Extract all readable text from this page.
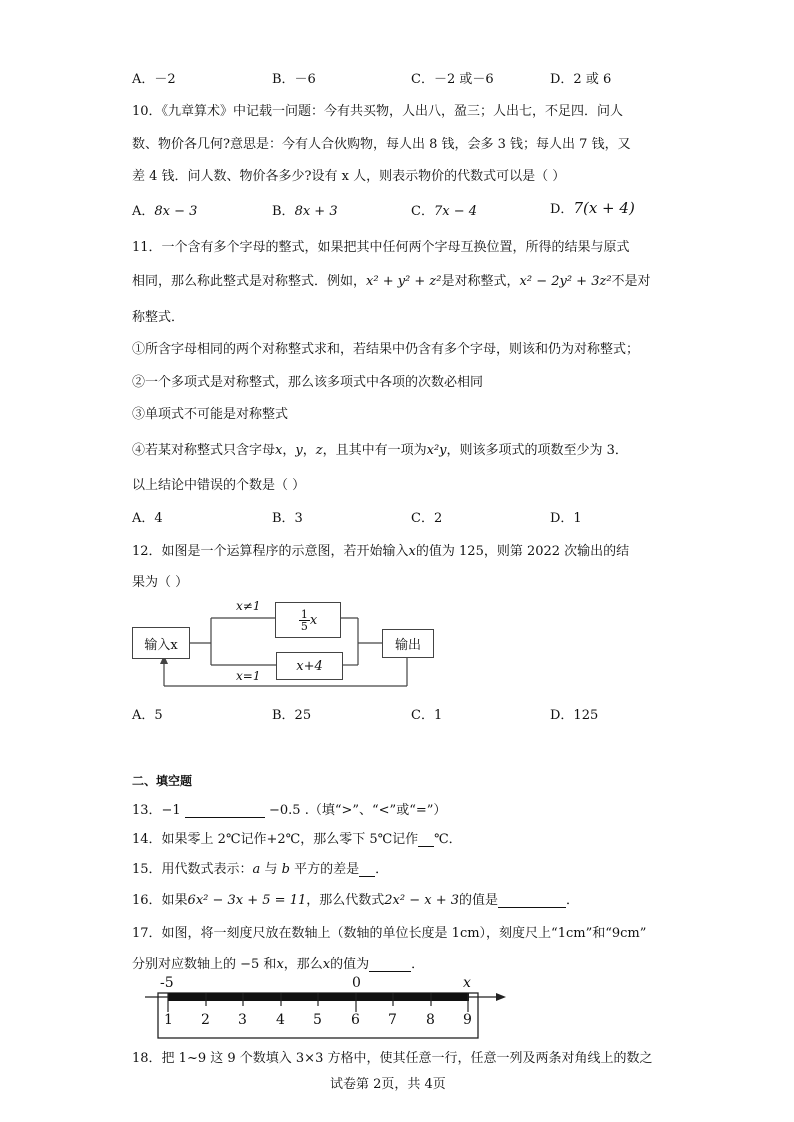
A．－2	B．－6	C．－2 或－6	D．2 或 6
10．《九章算术》中记载一问题：今有共买物，人出八，盈三；人出七，不足四．问人
数、物价各几何?意思是：今有人合伙购物，每人出 8 钱，会多 3 钱；每人出 7 钱，又
差 4 钱．问人数、物价各多少?设有 x 人，则表示物价的代数式可以是（ ）
A．8x − 3	B．8x + 3	C．7x − 4	D．7(x + 4)
11．一个含有多个字母的整式，如果把其中任何两个字母互换位置，所得的结果与原式
相同，那么称此整式是对称整式．例如，x² + y² + z²是对称整式，x² − 2y² + 3z²不是对
称整式．
①所含字母相同的两个对称整式求和，若结果中仍含有多个字母，则该和仍为对称整式；
②一个多项式是对称整式，那么该多项式中各项的次数必相同
③单项式不可能是对称整式
④若某对称整式只含字母x，y，z，且其中有一项为x²y，则该多项式的项数至少为 3．
以上结论中错误的个数是（ ）
A．4	B．3	C．2	D．1
12．如图是一个运算程序的示意图，若开始输入x的值为 125，则第 2022 次输出的结
果为（ ）
输入x
$\frac{1}{5}$ x
x+4
输出
x≠1
x=1
A．5	B．25	C．1	D．125
二、填空题
13．−1	−0.5 .（填“>”、“<”或“=”）
14．如果零上 2℃记作+2℃，那么零下 5℃记作 ℃．
15．用代数式表示：a 与 b 平方的差是 ．
16．如果6x² − 3x + 5 = 11，那么代数式2x² − x + 3的值是	．
17．如图，将一刻度尺放在数轴上（数轴的单位长度是 1cm），刻度尺上“1cm”和“9cm”
分别对应数轴上的 −5 和x，那么x的值为	．
-5	0	x
1 2 3 4 5 6 7 8 9
18．把 1~9 这 9 个数填入 3×3 方格中，使其任意一行，任意一列及两条对角线上的数之
试卷第 2页，共 4页
